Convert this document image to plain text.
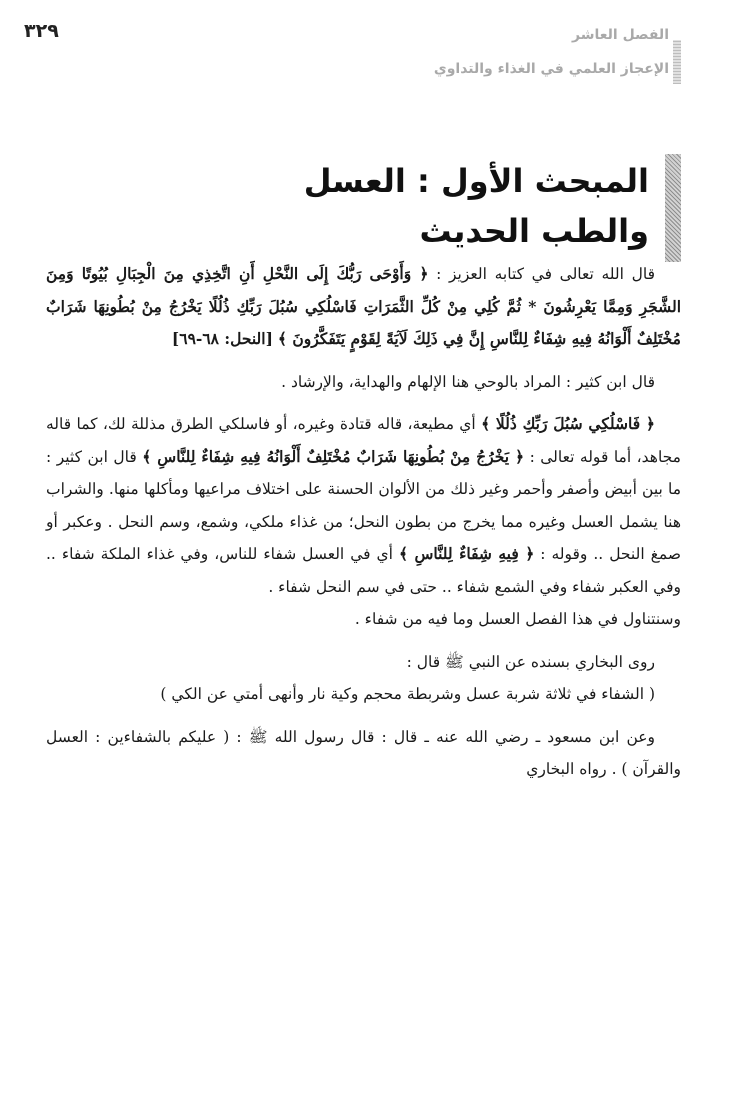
٣٢٩	الفصل العاشر
الإعجاز العلمي في الغذاء والتداوي
المبحث الأول : العسل
والطب الحديث

قال الله تعالى في كتابه العزيز : ﴿ وَأَوْحَى رَبُّكَ إِلَى النَّحْلِ أَنِ اتَّخِذِي مِنَ الْجِبَالِ بُيُوتًا وَمِنَ الشَّجَرِ وَمِمَّا يَعْرِشُونَ * ثُمَّ كُلِي مِنْ كُلِّ الثَّمَرَاتِ فَاسْلُكِي سُبُلَ رَبِّكِ ذُلُلًا يَخْرُجُ مِنْ بُطُونِهَا شَرَابٌ مُخْتَلِفٌ أَلْوَانُهُ فِيهِ شِفَاءٌ لِلنَّاسِ إِنَّ فِي ذَلِكَ لَآيَةً لِقَوْمٍ يَتَفَكَّرُونَ ﴾ [النحل: ٦٨-٦٩]

قال ابن كثير : المراد بالوحي هنا الإلهام والهداية، والإرشاد .

﴿ فَاسْلُكِي سُبُلَ رَبِّكِ ذُلُلًا ﴾ أي مطيعة، قاله قتادة وغيره، أو فاسلكي الطرق مذللة لك، كما قاله مجاهد، أما قوله تعالى : ﴿ يَخْرُجُ مِنْ بُطُونِهَا شَرَابٌ مُخْتَلِفٌ أَلْوَانُهُ فِيهِ شِفَاءٌ لِلنَّاسِ ﴾ قال ابن كثير : ما بين أبيض وأصفر وأحمر وغير ذلك من الألوان الحسنة على اختلاف مراعيها ومأكلها منها. والشراب هنا يشمل العسل وغيره مما يخرج من بطون النحل؛ من غذاء ملكي، وشمع، وسم النحل . وعكبر أو صمغ النحل .. وقوله : ﴿ فِيهِ شِفَاءٌ لِلنَّاسِ ﴾ أي في العسل شفاء للناس، وفي غذاء الملكة شفاء .. وفي العكبر شفاء وفي الشمع شفاء .. حتى في سم النحل شفاء .
وسنتناول في هذا الفصل العسل وما فيه من شفاء .

روى البخاري بسنده عن النبي ﷺ قال :

( الشفاء في ثلاثة شربة عسل وشربطة محجم وكية نار وأنهى أمتي عن الكي )

وعن ابن مسعود ـ رضي الله عنه ـ قال : قال رسول الله ﷺ : ( عليكم بالشفاءين : العسل والقرآن ) . رواه البخاري
